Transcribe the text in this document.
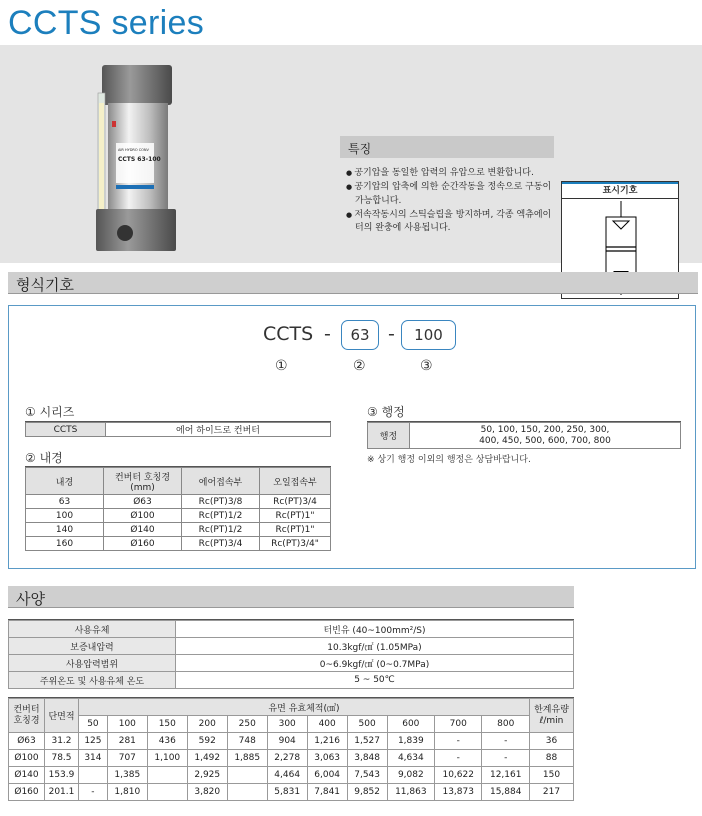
CCTS series
AIR HYDRO CONV
CCTS 63-100
특징
● 공기압을 동일한 압력의 유압으로 변환합니다.
● 공기압의 압축에 의한 순간작동을 정속으로 구동이 가능합니다.
● 저속작동시의 스틱슬립을 방지하며, 각종 엑츄에이터의 완충에 사용됩니다.
표시기호
형식기호
CCTS -	63 -	100
①	②	③
① 시리즈
CCTS	에어 하이드로 컨버터
② 내경
내경	컨버터 호칭경 (mm)	에어접속부	오일접속부
63	Ø63	Rc(PT)3/8	Rc(PT)3/4
100	Ø100	Rc(PT)1/2	Rc(PT)1"
140	Ø140	Rc(PT)1/2	Rc(PT)1"
160	Ø160	Rc(PT)3/4	Rc(PT)3/4"
③ 행정
행정	
50, 100, 150, 200, 250, 300,
400, 450, 500, 600, 700, 800
※ 상기 행정 이외의 행정은 상담바랍니다.
사양
사용유체	터빈유 (40~100mm²/S)
보증내압력	10.3kgf/㎠ (1.05MPa)
사용압력범위	0~6.9kgf/㎠ (0~0.7MPa)
주위온도 및 사용유체 온도	5 ~ 50℃
컨버터 호칭경	단면적	유면 유효체적(㎤)											한계유량 ℓ/min
		50	100	150	200	250	300	400	500	600	700	800	
Ø63	31.2	125	281	436	592	748	904	1,216	1,527	1,839	-	-	36
Ø100	78.5	314	707	1,100	1,492	1,885	2,278	3,063	3,848	4,634	-	-	88
Ø140	153.9		1,385		2,925		4,464	6,004	7,543	9,082	10,622	12,161	150
Ø160	201.1	-	1,810		3,820		5,831	7,841	9,852	11,863	13,873	15,884	217
